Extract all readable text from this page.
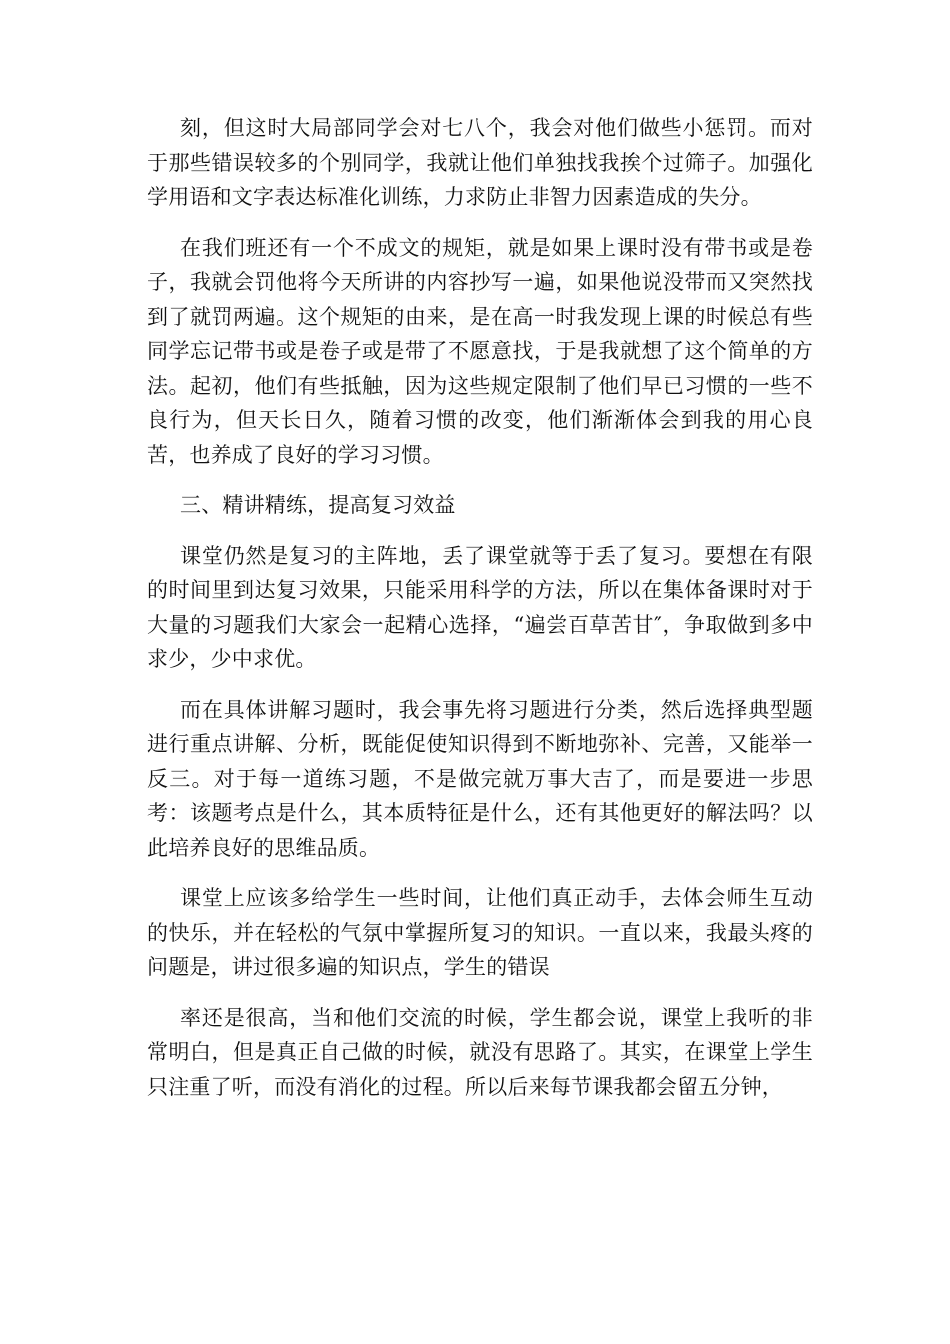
刻，但这时大局部同学会对七八个，我会对他们做些小惩罚。而对于那些错误较多的个别同学，我就让他们单独找我挨个过筛子。加强化学用语和文字表达标准化训练，力求防止非智力因素造成的失分。

在我们班还有一个不成文的规矩，就是如果上课时没有带书或是卷子，我就会罚他将今天所讲的内容抄写一遍，如果他说没带而又突然找到了就罚两遍。这个规矩的由来，是在高一时我发现上课的时候总有些同学忘记带书或是卷子或是带了不愿意找，于是我就想了这个简单的方法。起初，他们有些抵触，因为这些规定限制了他们早已习惯的一些不良行为，但天长日久，随着习惯的改变，他们渐渐体会到我的用心良苦，也养成了良好的学习习惯。

三、精讲精练，提高复习效益

课堂仍然是复习的主阵地，丢了课堂就等于丢了复习。要想在有限的时间里到达复习效果，只能采用科学的方法，所以在集体备课时对于大量的习题我们大家会一起精心选择，“遍尝百草苦甘″，争取做到多中求少，少中求优。

而在具体讲解习题时，我会事先将习题进行分类，然后选择典型题进行重点讲解、分析，既能促使知识得到不断地弥补、完善，又能举一反三。对于每一道练习题，不是做完就万事大吉了，而是要进一步思考：该题考点是什么，其本质特征是什么，还有其他更好的解法吗？以此培养良好的思维品质。

课堂上应该多给学生一些时间，让他们真正动手，去体会师生互动的快乐，并在轻松的气氛中掌握所复习的知识。一直以来，我最头疼的问题是，讲过很多遍的知识点，学生的错误

率还是很高，当和他们交流的时候，学生都会说，课堂上我听的非常明白，但是真正自己做的时候，就没有思路了。其实，在课堂上学生只注重了听，而没有消化的过程。所以后来每节课我都会留五分钟，
